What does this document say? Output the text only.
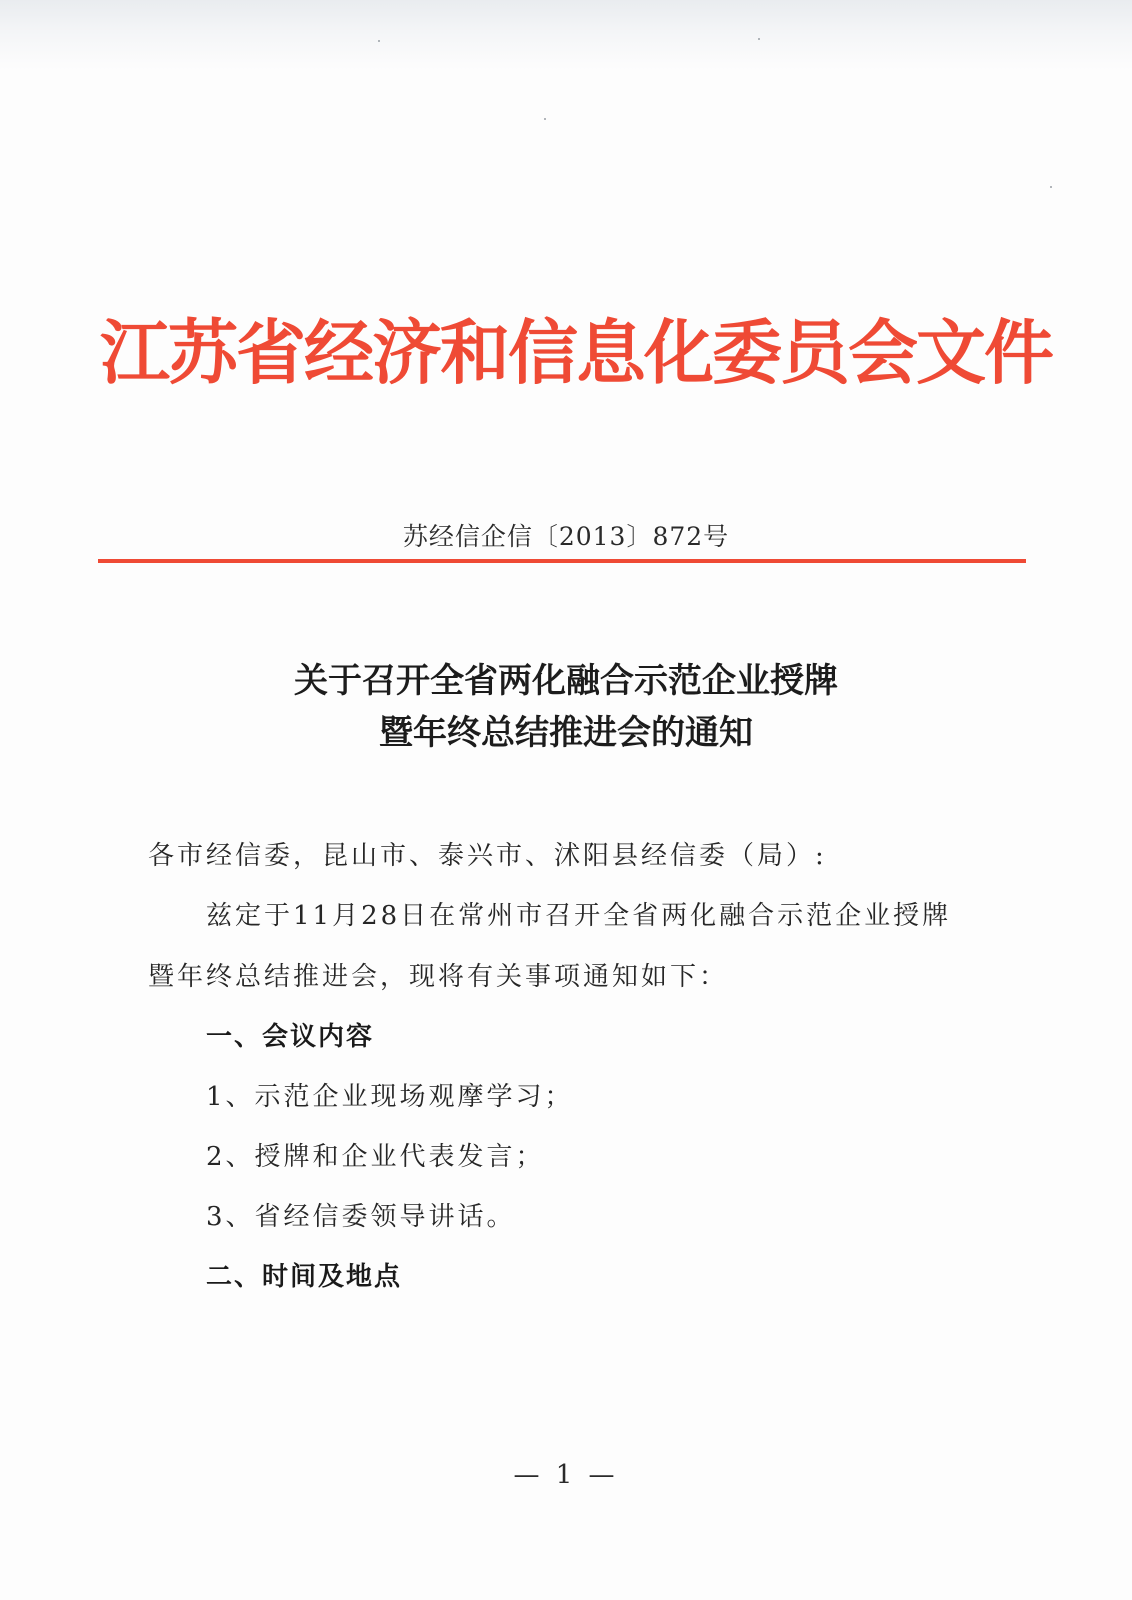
江苏省经济和信息化委员会文件
苏经信企信〔2013〕872号
关于召开全省两化融合示范企业授牌
暨年终总结推进会的通知
各市经信委，昆山市、泰兴市、沭阳县经信委（局）:
兹定于11月28日在常州市召开全省两化融合示范企业授牌
暨年终总结推进会，现将有关事项通知如下：
一、会议内容
1、示范企业现场观摩学习；
2、授牌和企业代表发言；
3、省经信委领导讲话。
二、时间及地点
— 1 —
